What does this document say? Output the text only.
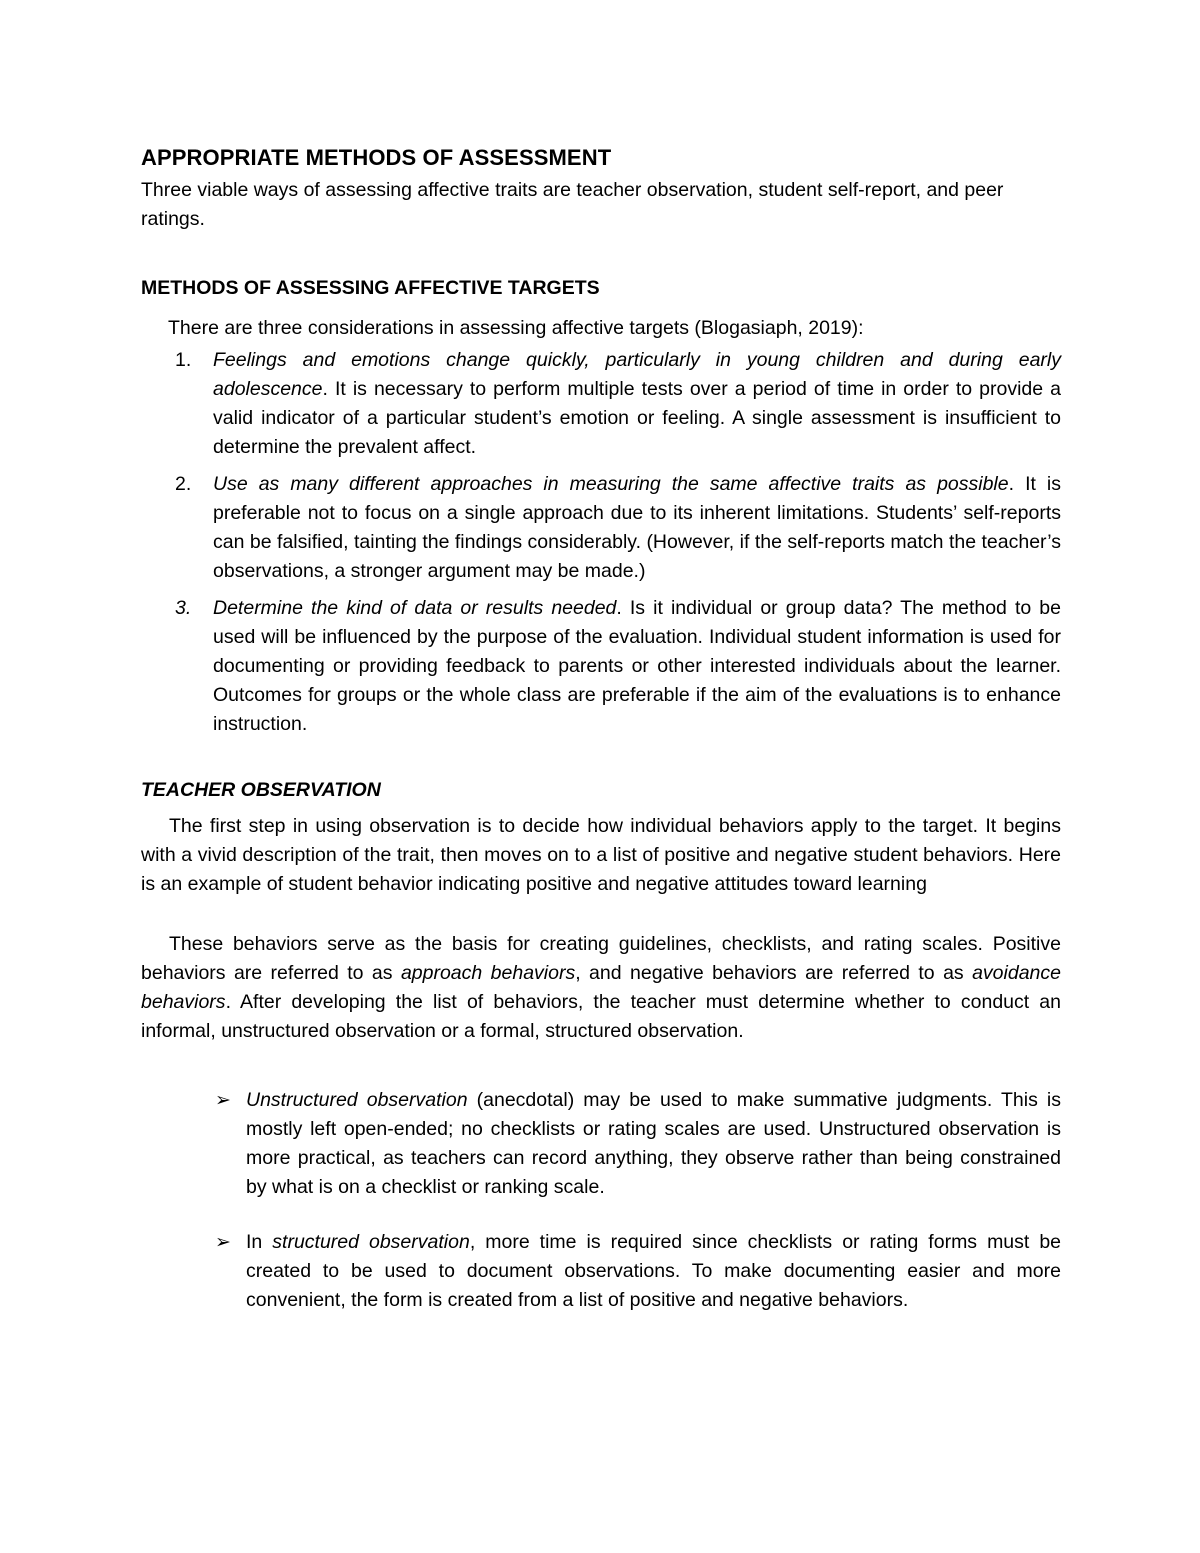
APPROPRIATE METHODS OF ASSESSMENT

Three viable ways of assessing affective traits are teacher observation, student self-report, and peer ratings.

METHODS OF ASSESSING AFFECTIVE TARGETS

There are three considerations in assessing affective targets (Blogasiaph, 2019):

1. Feelings and emotions change quickly, particularly in young children and during early adolescence. It is necessary to perform multiple tests over a period of time in order to provide a valid indicator of a particular student’s emotion or feeling. A single assessment is insufficient to determine the prevalent affect.
2. Use as many different approaches in measuring the same affective traits as possible. It is preferable not to focus on a single approach due to its inherent limitations. Students’ self-reports can be falsified, tainting the findings considerably. (However, if the self-reports match the teacher’s observations, a stronger argument may be made.)
3. Determine the kind of data or results needed. Is it individual or group data? The method to be used will be influenced by the purpose of the evaluation. Individual student information is used for documenting or providing feedback to parents or other interested individuals about the learner. Outcomes for groups or the whole class are preferable if the aim of the evaluations is to enhance instruction.
TEACHER OBSERVATION

The first step in using observation is to decide how individual behaviors apply to the target. It begins with a vivid description of the trait, then moves on to a list of positive and negative student behaviors. Here is an example of student behavior indicating positive and negative attitudes toward learning

These behaviors serve as the basis for creating guidelines, checklists, and rating scales. Positive behaviors are referred to as approach behaviors, and negative behaviors are referred to as avoidance behaviors. After developing the list of behaviors, the teacher must determine whether to conduct an informal, unstructured observation or a formal, structured observation.

➢ Unstructured observation (anecdotal) may be used to make summative judgments. This is mostly left open-ended; no checklists or rating scales are used. Unstructured observation is more practical, as teachers can record anything, they observe rather than being constrained by what is on a checklist or ranking scale.
➢ In structured observation, more time is required since checklists or rating forms must be created to be used to document observations. To make documenting easier and more convenient, the form is created from a list of positive and negative behaviors.
